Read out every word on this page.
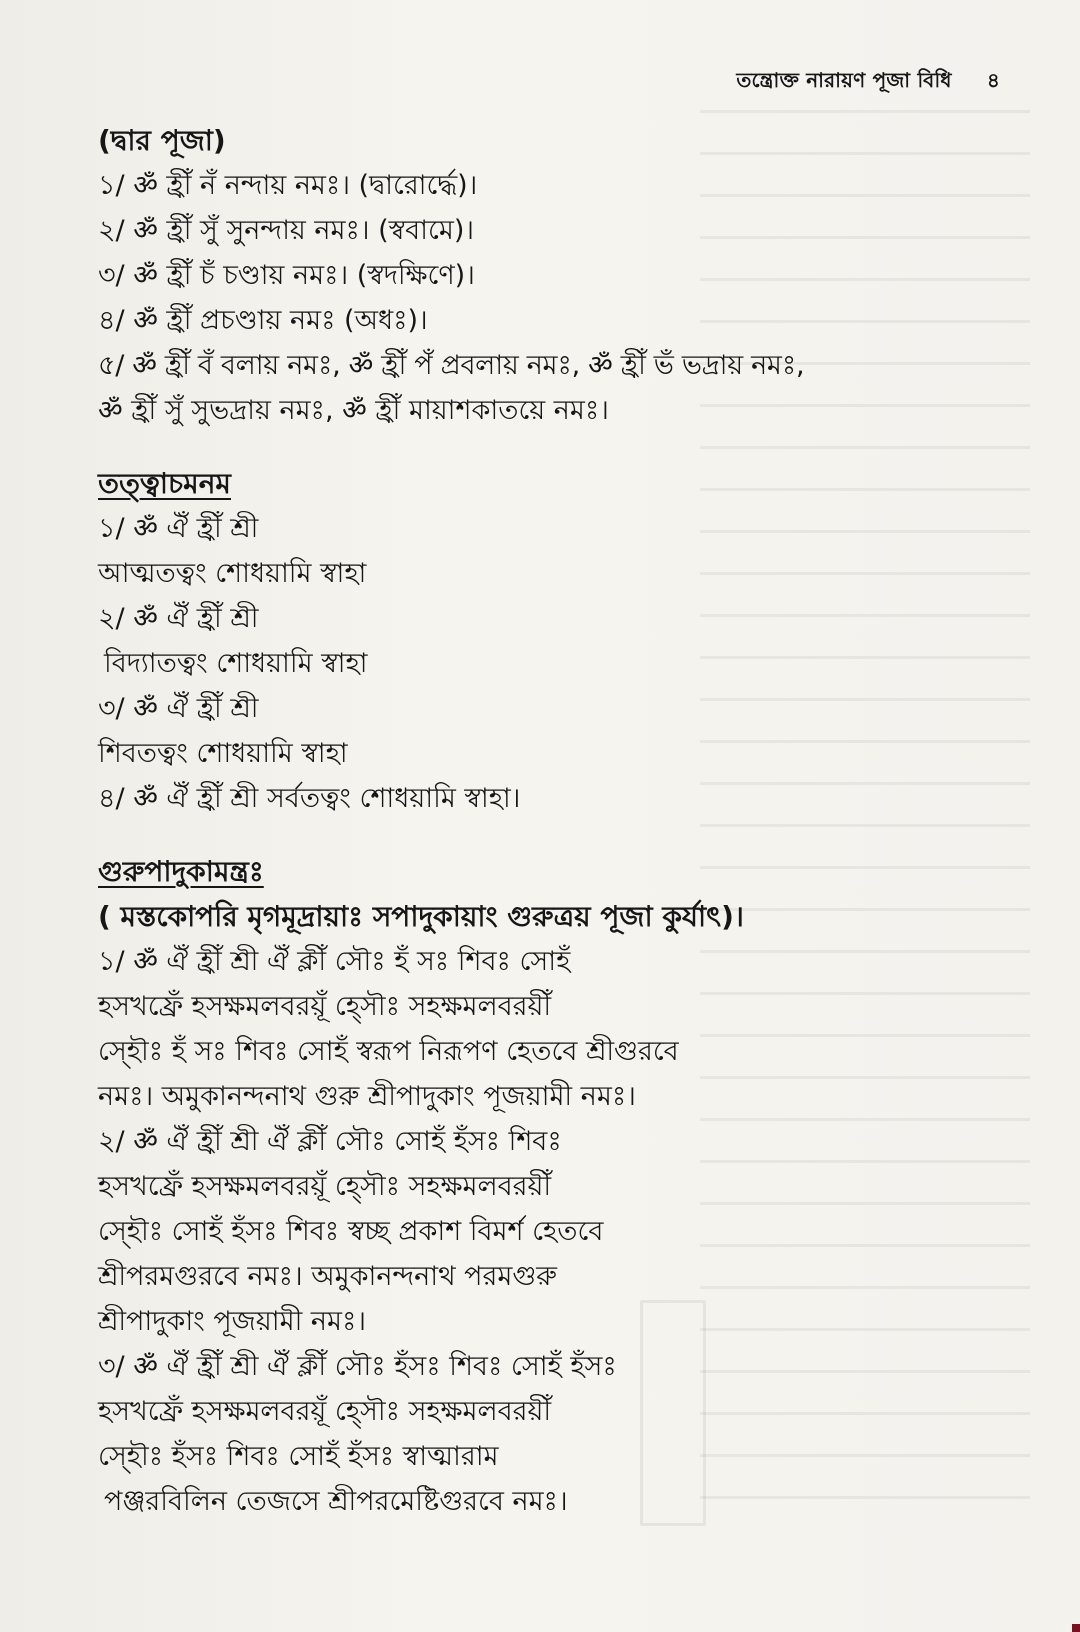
তন্ত্রোক্ত নারায়ণ পূজা বিধি ৪
(দ্বার পূজা)
১/ ॐ হ্রীঁ নঁ নন্দায় নমঃ। (দ্বারোর্দ্ধে)।
২/ ॐ হ্রীঁ সুঁ সুনন্দায় নমঃ। (স্ববামে)।
৩/ ॐ হ্রীঁ চঁ চণ্ডায় নমঃ। (স্বদক্ষিণে)।
৪/ ॐ হ্রীঁ প্রচণ্ডায় নমঃ (অধঃ)।
৫/ ॐ হ্রীঁ বঁ বলায় নমঃ, ॐ হ্রীঁ পঁ প্রবলায় নমঃ, ॐ হ্রীঁ ভঁ ভদ্রায় নমঃ,
ॐ হ্রীঁ সুঁ সুভদ্রায় নমঃ, ॐ হ্রীঁ মায়াশকাতয়ে নমঃ।
তত্ত্বাচমনম
১/ ॐ ঐঁ হ্রীঁ শ্রী
আত্মতত্বং শোধয়ামি স্বাহা
২/ ॐ ঐঁ হ্রীঁ শ্রী
বিদ্যাতত্বং শোধয়ামি স্বাহা
৩/ ॐ ঐঁ হ্রীঁ শ্রী
শিবতত্বং শোধয়ামি স্বাহা
৪/ ॐ ঐঁ হ্রীঁ শ্রী সর্বতত্বং শোধয়ামি স্বাহা।
গুরুপাদুকামন্ত্রঃ
( মস্তকোপরি মৃগমূদ্রায়াঃ সপাদুকায়াং গুরুত্রয় পূজা কুর্যাৎ)।
১/ ॐ ঐঁ হ্রীঁ শ্রী ঐঁ ক্লীঁ সৌঃ হঁ সঃ শিবঃ সোহঁ
হসখফ্রেঁ হসক্ষমলবরয়ূঁ হ্সৌঃ সহক্ষমলবরয়ীঁ
স্হৌঃ হঁ সঃ শিবঃ সোহঁ স্বরূপ নিরূপণ হেতবে শ্রীগুরবে
নমঃ। অমুকানন্দনাথ গুরু শ্রীপাদুকাং পূজয়ামী নমঃ।
২/ ॐ ঐঁ হ্রীঁ শ্রী ঐঁ ক্লীঁ সৌঃ সোহঁ হঁসঃ শিবঃ
হসখফ্রেঁ হসক্ষমলবরয়ূঁ হ্সৌঃ সহক্ষমলবরয়ীঁ
স্হৌঃ সোহঁ হঁসঃ শিবঃ স্বচ্ছ প্রকাশ বিমর্শ হেতবে
শ্রীপরমগুরবে নমঃ। অমুকানন্দনাথ পরমগুরু
শ্রীপাদুকাং পূজয়ামী নমঃ।
৩/ ॐ ঐঁ হ্রীঁ শ্রী ঐঁ ক্লীঁ সৌঃ হঁসঃ শিবঃ সোহঁ হঁসঃ
হসখফ্রেঁ হসক্ষমলবরয়ূঁ হ্সৌঃ সহক্ষমলবরয়ীঁ
স্হৌঃ হঁসঃ শিবঃ সোহঁ হঁসঃ স্বাত্মারাম
পঞ্জরবিলিন তেজসে শ্রীপরমেষ্টিগুরবে নমঃ।
